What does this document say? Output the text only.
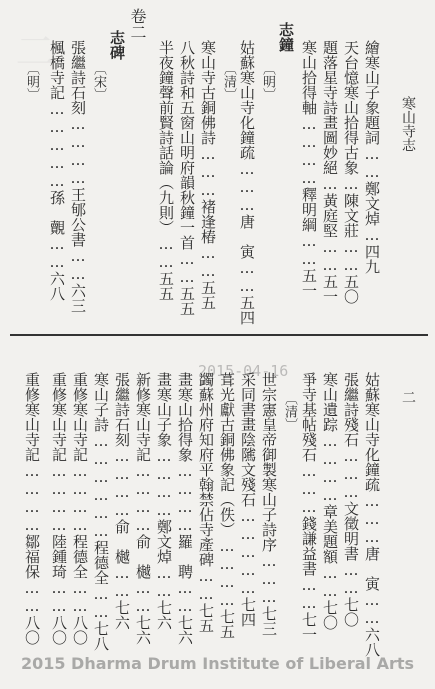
二
寒山寺志
二
繪寒山子象題詞……鄭文焯…四九
天台憶寒山拾得古象…陳文莊……五〇
題落星寺詩畫圖妙絕…黃庭堅……五一
寒山拾得軸…………釋明綱……五一
志鐘
〔明〕
姑蘇寒山寺化鐘疏………唐　寅……五四
〔清〕
寒山寺古銅佛詩………褚逢椿……五五
八秋詩和五窗山明府韻秋鐘一首……五五
半夜鐘聲前賢詩話論（九則）……五五
卷二
志碑
〔宋〕
張繼詩石刻…………王郇公書……六三
楓橋寺記……………孫　覿……六八
〔明〕
2015-04-16
姑蘇寒山寺化鐘疏………唐　寅……六八
張繼詩殘石………文徵明書……七〇
寒山遺踪…………章美題額……七〇
爭寺基帖殘石………錢謙益書……七一
〔清〕
世宗憲皇帝御製寒山子詩序………七三
采同書畫陰隲文殘石……………七四
葺光獻古銅佛象記（佚）…………七五
蠲蘇州府知府平翰禁佔寺產碑……七五
畫寒山拾得象…………羅　聘……七六
畫寒山子象…………鄭文焯……七六
新修寒山寺記…………俞　樾……七六
張繼詩石刻…………俞　樾……七六
寒山子詩………………程德全……七八
重修寒山寺記…………程德全……八〇
重修寒山寺記…………陸鍾琦……八〇
重修寒山寺記…………鄒福保……八〇
2015 Dharma Drum Institute of Liberal Arts
